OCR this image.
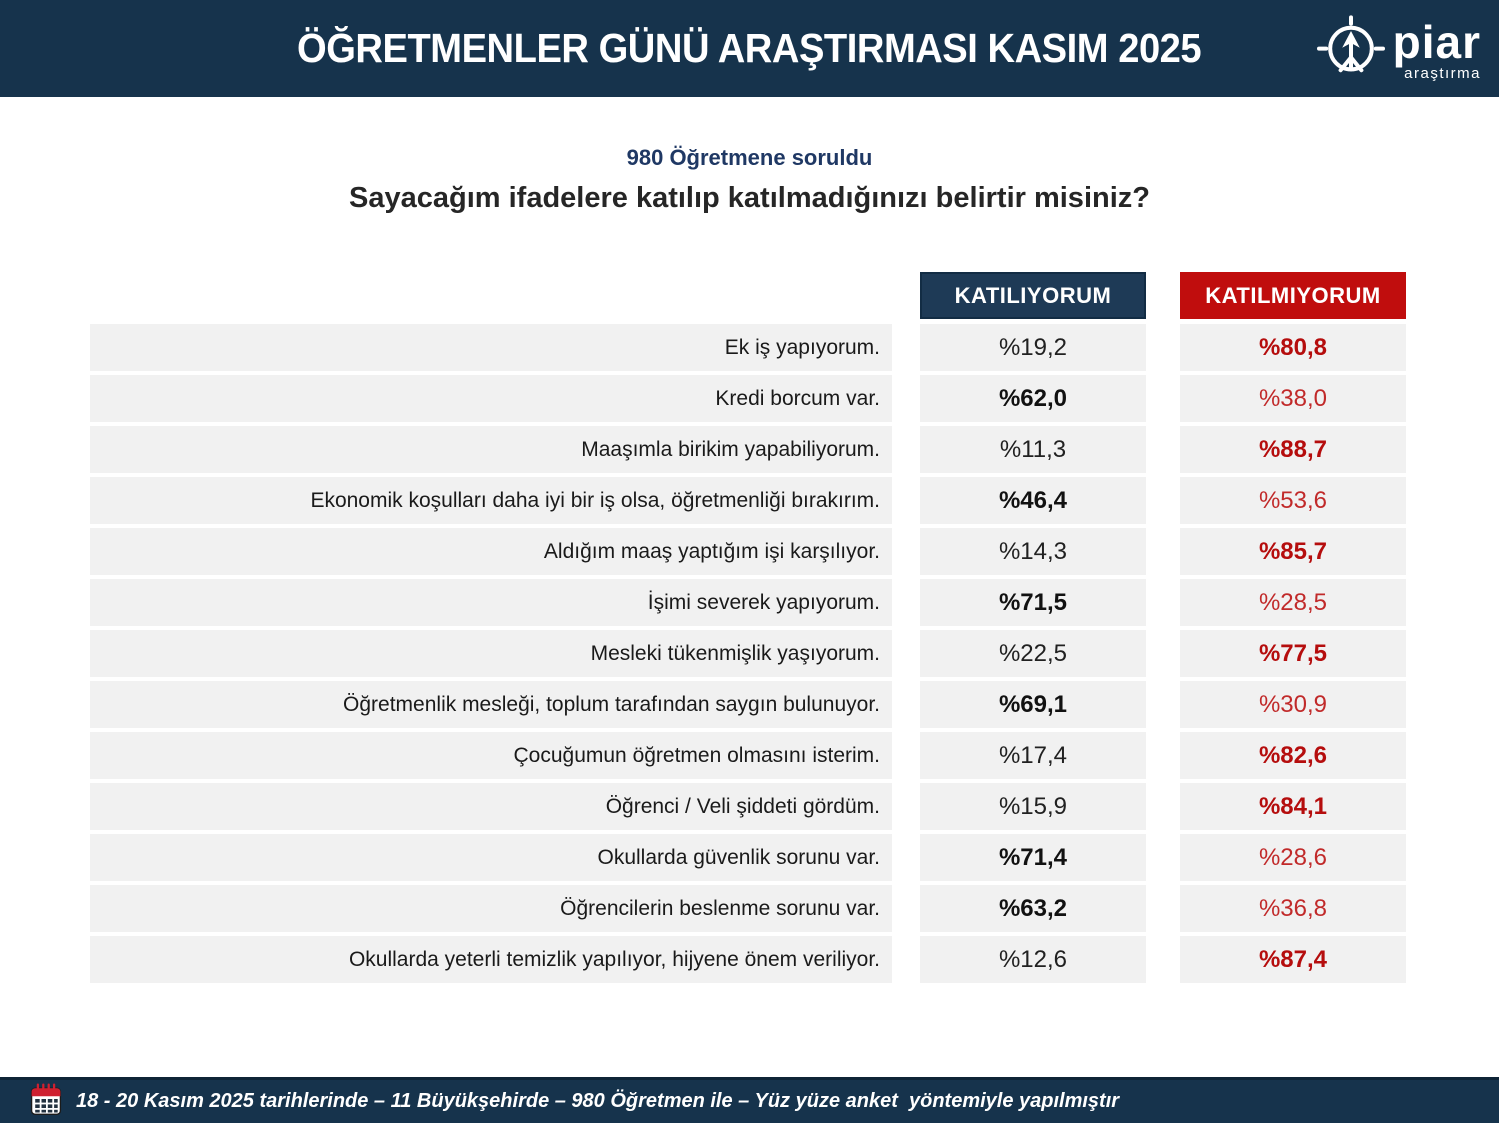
ÖĞRETMENLER GÜNÜ ARAŞTIRMASI KASIM 2025	piar
araştırma
980 Öğretmene soruldu
Sayacağım ifadelere katılıp katılmadığınızı belirtir misiniz?
KATILIYORUM	KATILMIYORUM
Ek iş yapıyorum.	%19,2	%80,8
Kredi borcum var.	%62,0	%38,0
Maaşımla birikim yapabiliyorum.	%11,3	%88,7
Ekonomik koşulları daha iyi bir iş olsa, öğretmenliği bırakırım.	%46,4	%53,6
Aldığım maaş yaptığım işi karşılıyor.	%14,3	%85,7
İşimi severek yapıyorum.	%71,5	%28,5
Mesleki tükenmişlik yaşıyorum.	%22,5	%77,5
Öğretmenlik mesleği, toplum tarafından saygın bulunuyor.	%69,1	%30,9
Çocuğumun öğretmen olmasını isterim.	%17,4	%82,6
Öğrenci / Veli şiddeti gördüm.	%15,9	%84,1
Okullarda güvenlik sorunu var.	%71,4	%28,6
Öğrencilerin beslenme sorunu var.	%63,2	%36,8
Okullarda yeterli temizlik yapılıyor, hijyene önem veriliyor.	%12,6	%87,4
18 - 20 Kasım 2025 tarihlerinde – 11 Büyükşehirde – 980 Öğretmen ile – Yüz yüze anket  yöntemiyle yapılmıştır
